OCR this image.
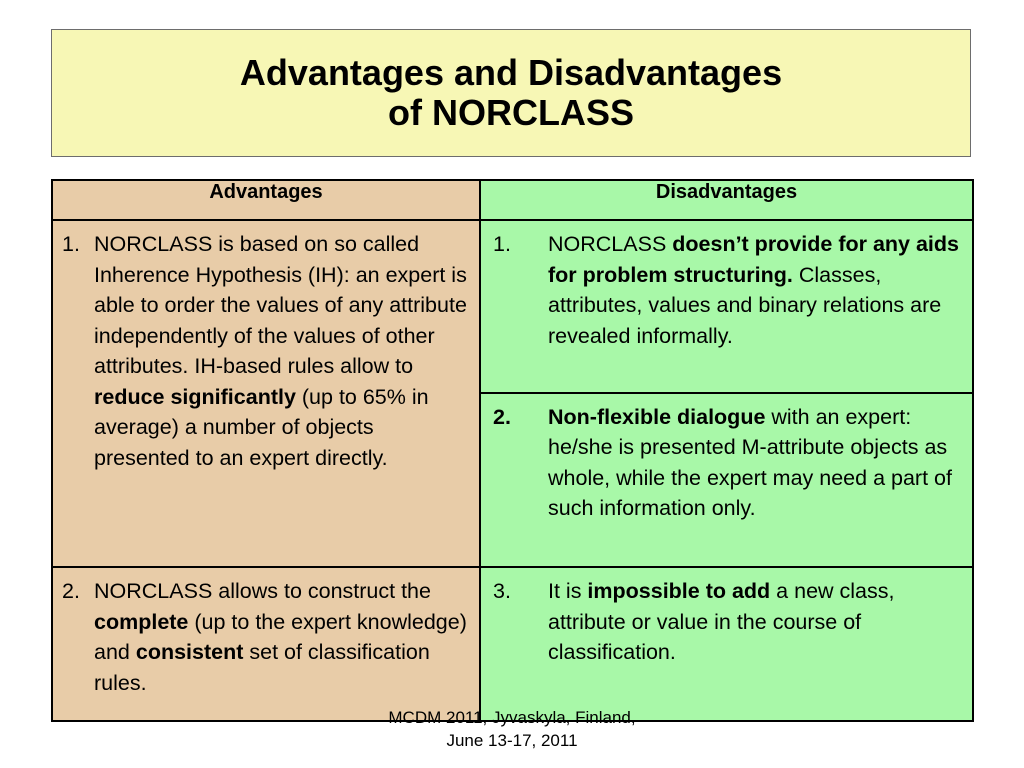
Advantages and Disadvantages
of NORCLASS
Advantages	Disadvantages

1. NORCLASS is based on so called Inherence Hypothesis (IH): an expert is able to order the values of any attribute independently of the values of other attributes. IH-based rules allow to reduce significantly (up to 65% in average) a number of objects presented to an expert directly.	1. NORCLASS doesn’t provide for any aids for problem structuring. Classes, attributes, values and binary relations are revealed informally.

	2. Non-flexible dialogue with an expert: he/she is presented M-attribute objects as whole, while the expert may need a part of such information only.

2. NORCLASS allows to construct the complete (up to the expert knowledge) and consistent set of classification rules.	3. It is impossible to add a new class, attribute or value in the course of classification.
MCDM 2011, Jyvaskyla, Finland,
June 13-17, 2011
